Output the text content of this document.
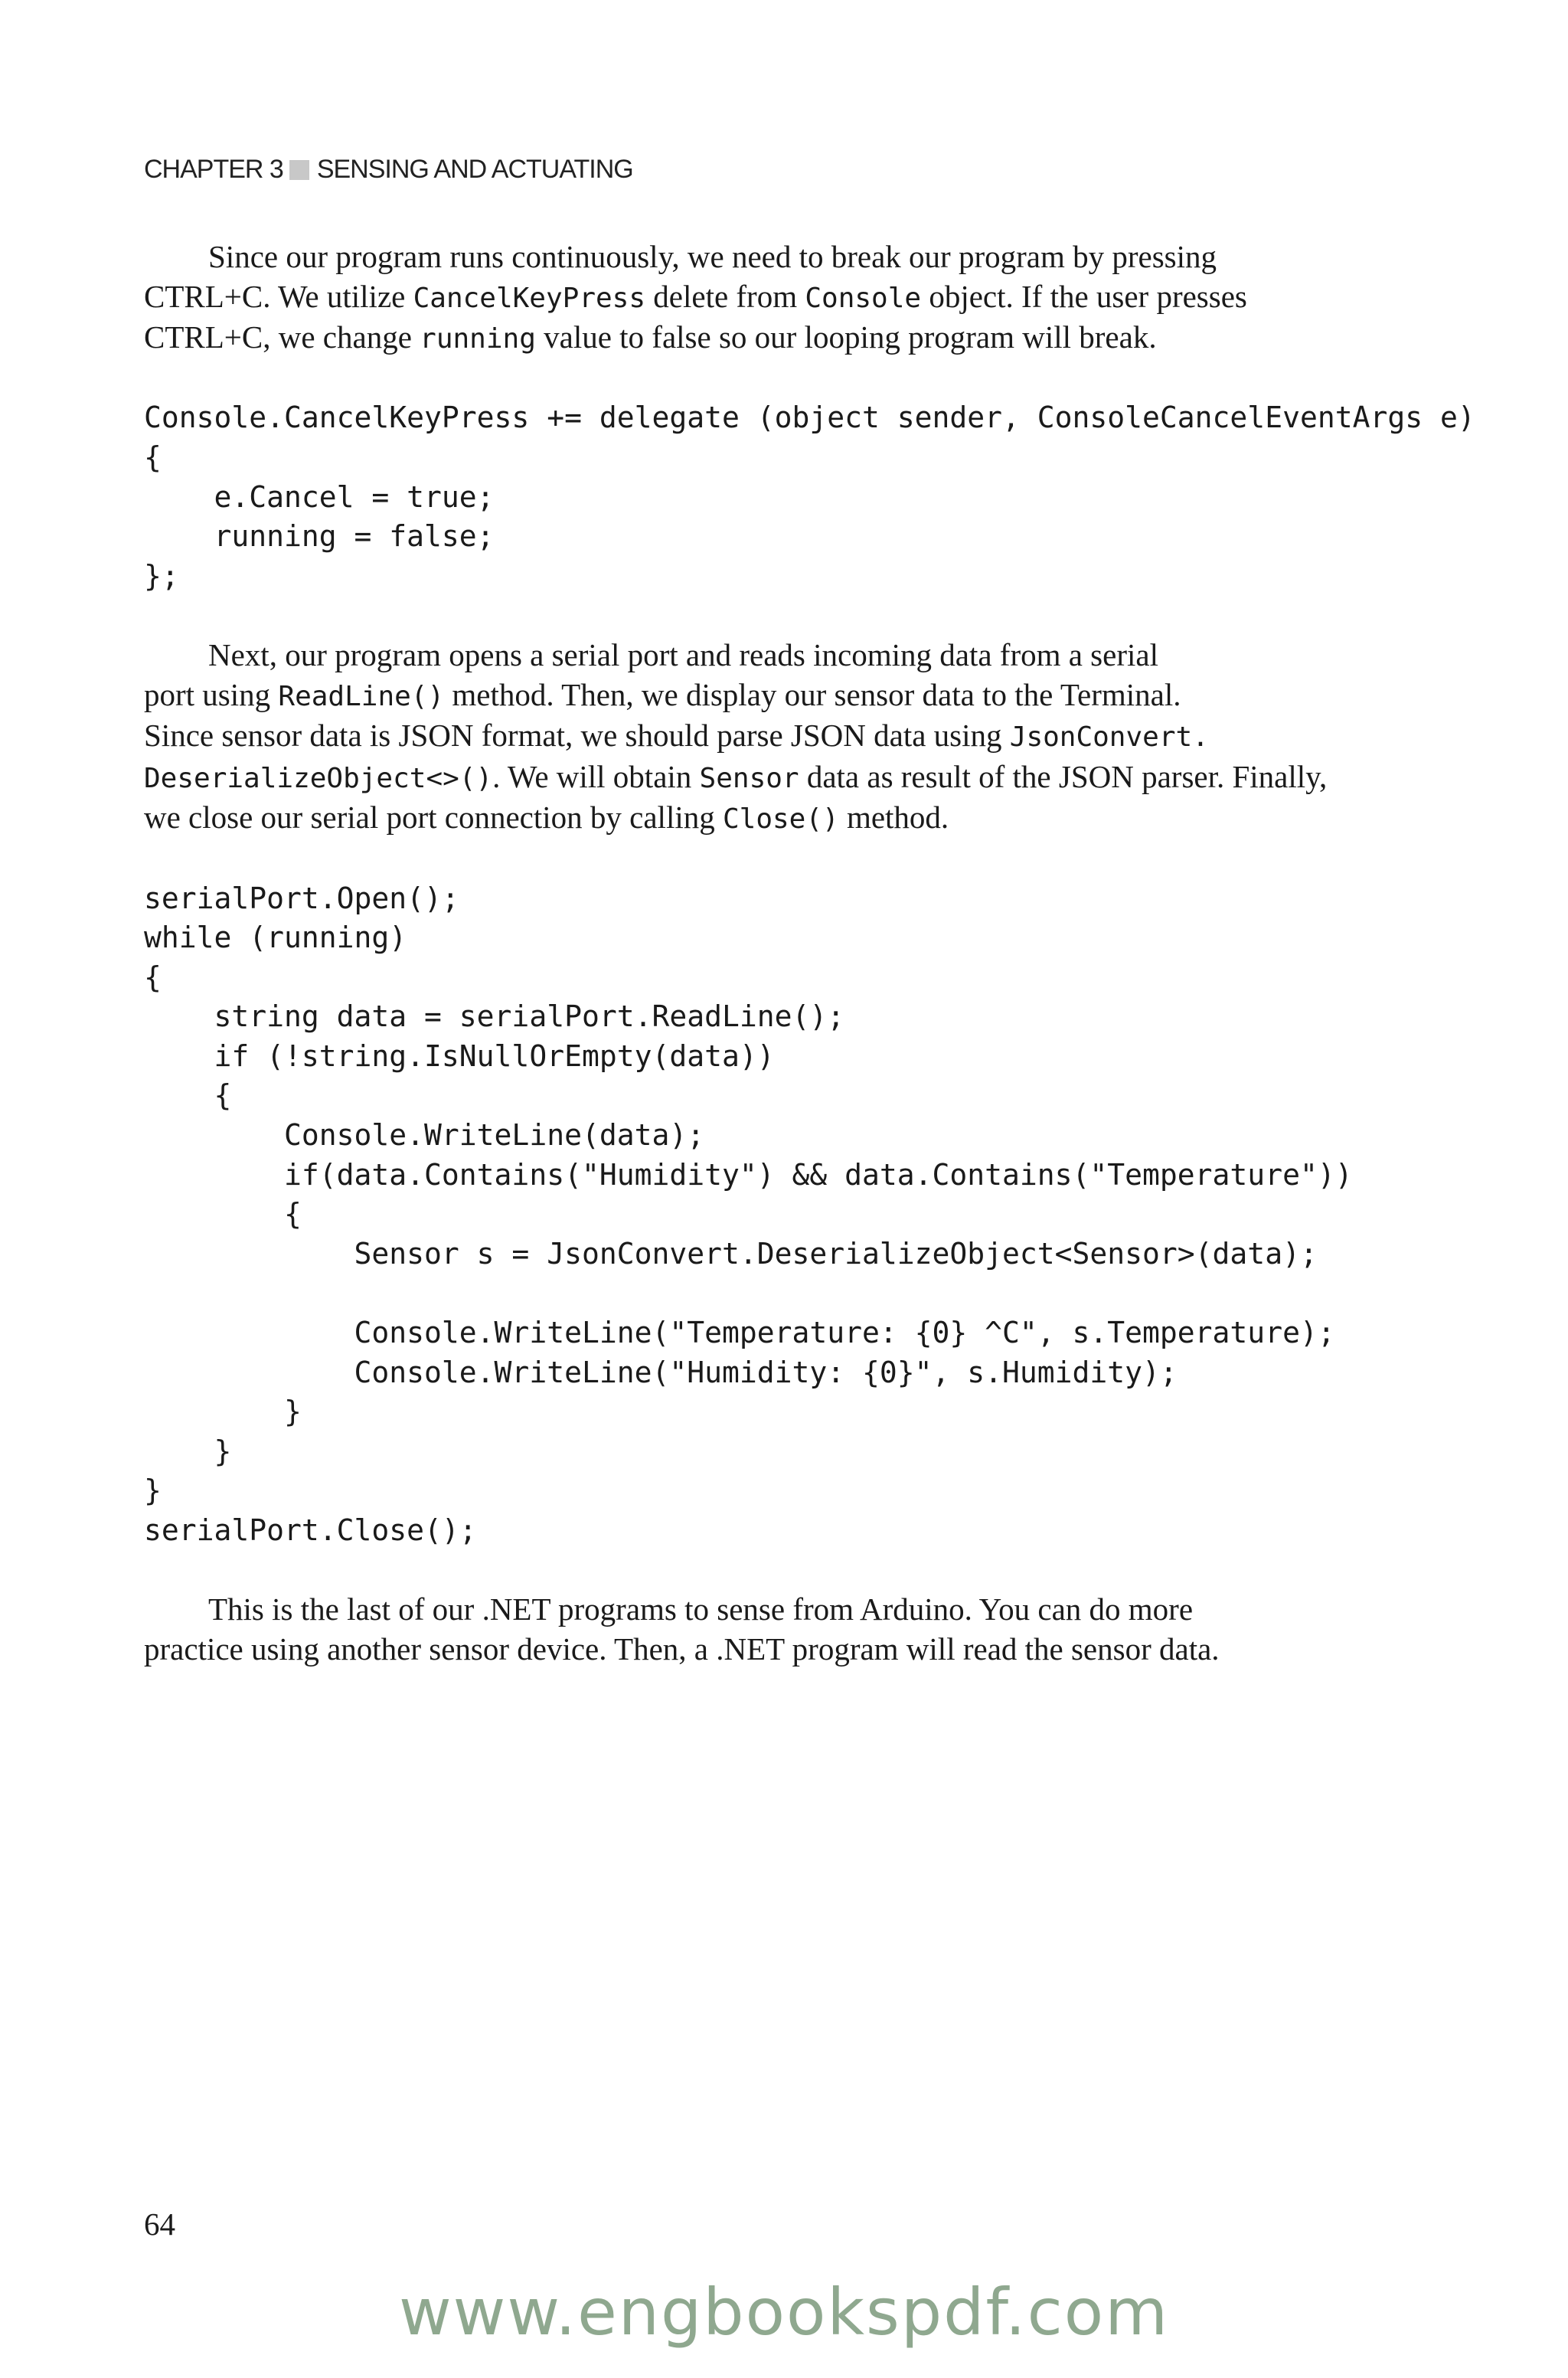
CHAPTER 3 SENSING AND ACTUATING

Since our program runs continuously, we need to break our program by pressing
CTRL+C. We utilize CancelKeyPress delete from Console object. If the user presses
CTRL+C, we change running value to false so our looping program will break.

Console.CancelKeyPress += delegate (object sender, ConsoleCancelEventArgs e)
{
e.Cancel = true;
running = false;
};

Next, our program opens a serial port and reads incoming data from a serial
port using ReadLine() method. Then, we display our sensor data to the Terminal.
Since sensor data is JSON format, we should parse JSON data using JsonConvert.
DeserializeObject<>(). We will obtain Sensor data as result of the JSON parser. Finally,
we close our serial port connection by calling Close() method.

serialPort.Open();
while (running)
{
string data = serialPort.ReadLine();
if (!string.IsNullOrEmpty(data))
{
Console.WriteLine(data);
if(data.Contains("Humidity") && data.Contains("Temperature"))
{
Sensor s = JsonConvert.DeserializeObject<Sensor>(data);

Console.WriteLine("Temperature: {0} ^C", s.Temperature);
Console.WriteLine("Humidity: {0}", s.Humidity);
}
}
}
serialPort.Close();

This is the last of our .NET programs to sense from Arduino. You can do more
practice using another sensor device. Then, a .NET program will read the sensor data.

64
www.engbookspdf.com
